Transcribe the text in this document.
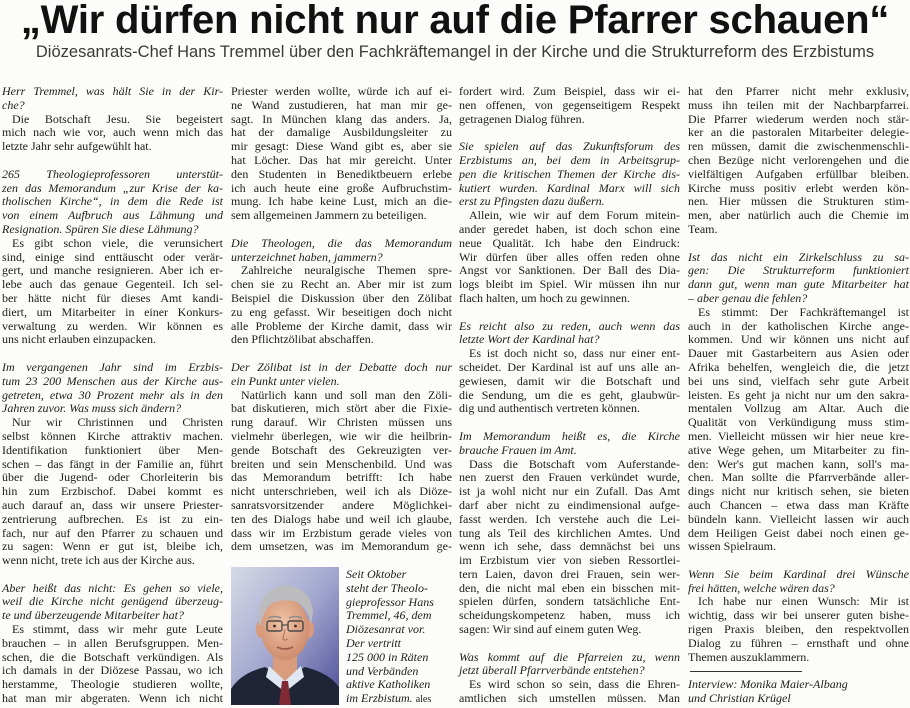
„Wir dürfen nicht nur auf die Pfarrer schauen“
Diözesanrats-Chef Hans Tremmel über den Fachkräftemangel in der Kirche und die Strukturreform des Erzbistums
Herr Tremmel, was hält Sie in der Kir-
che?
Die Botschaft Jesu. Sie begeistert
mich nach wie vor, auch wenn mich das
letzte Jahr sehr aufgewühlt hat.
265 Theologieprofessoren unterstüt-
zen das Memorandum „zur Krise der ka-
tholischen Kirche“, in dem die Rede ist
von einem Aufbruch aus Lähmung und
Resignation. Spüren Sie diese Lähmung?
Es gibt schon viele, die verunsichert
sind, einige sind enttäuscht oder verär-
gert, und manche resignieren. Aber ich er-
lebe auch das genaue Gegenteil. Ich sel-
ber hätte nicht für dieses Amt kandi-
diert, um Mitarbeiter in einer Konkurs-
verwaltung zu werden. Wir können es
uns nicht erlauben einzupacken.
Im vergangenen Jahr sind im Erzbis-
tum 23 200 Menschen aus der Kirche aus-
getreten, etwa 30 Prozent mehr als in den
Jahren zuvor. Was muss sich ändern?
Nur wir Christinnen und Christen
selbst können Kirche attraktiv machen.
Identifikation funktioniert über Men-
schen – das fängt in der Familie an, führt
über die Jugend- oder Chorleiterin bis
hin zum Erzbischof. Dabei kommt es
auch darauf an, dass wir unsere Priester-
zentrierung aufbrechen. Es ist zu ein-
fach, nur auf den Pfarrer zu schauen und
zu sagen: Wenn er gut ist, bleibe ich,
wenn nicht, trete ich aus der Kirche aus.
Aber heißt das nicht: Es gehen so viele,
weil die Kirche nicht genügend überzeug-
te und überzeugende Mitarbeiter hat?
Es stimmt, dass wir mehr gute Leute
brauchen – in allen Berufsgruppen. Men-
schen, die die Botschaft verkündigen. Als
ich damals in der Diözese Passau, wo ich
herstamme, Theologie studieren wollte,
hat man mir abgeraten. Wenn ich nicht
Priester werden wollte, würde ich auf ei-
ne Wand zustudieren, hat man mir ge-
sagt. In München klang das anders. Ja,
hat der damalige Ausbildungsleiter zu
mir gesagt: Diese Wand gibt es, aber sie
hat Löcher. Das hat mir gereicht. Unter
den Studenten in Benediktbeuern erlebe
ich auch heute eine große Aufbruchstim-
mung. Ich habe keine Lust, mich an die-
sem allgemeinen Jammern zu beteiligen.
Die Theologen, die das Memorandum
unterzeichnet haben, jammern?
Zahlreiche neuralgische Themen spre-
chen sie zu Recht an. Aber mir ist zum
Beispiel die Diskussion über den Zölibat
zu eng gefasst. Wir beseitigen doch nicht
alle Probleme der Kirche damit, dass wir
den Pflichtzölibat abschaffen.
Der Zölibat ist in der Debatte doch nur
ein Punkt unter vielen.
Natürlich kann und soll man den Zöli-
bat diskutieren, mich stört aber die Fixie-
rung darauf. Wir Christen müssen uns
vielmehr überlegen, wie wir die heilbrin-
gende Botschaft des Gekreuzigten ver-
breiten und sein Menschenbild. Und was
das Memorandum betrifft: Ich habe
nicht unterschrieben, weil ich als Diöze-
sanratsvorsitzender andere Möglichkei-
ten des Dialogs habe und weil ich glaube,
dass wir im Erzbistum gerade vieles von
dem umsetzen, was im Memorandum ge-
Seit Oktober
steht der Theolo-
gieprofessor Hans
Tremmel, 46, dem
Diözesanrat vor.
Der vertritt
125 000 in Räten
und Verbänden
aktive Katholiken
im Erzbistum. ales
fordert wird. Zum Beispiel, dass wir ei-
nen offenen, von gegenseitigem Respekt
getragenen Dialog führen.
Sie spielen auf das Zukunftsforum des
Erzbistums an, bei dem in Arbeitsgrup-
pen die kritischen Themen der Kirche dis-
kutiert wurden. Kardinal Marx will sich
erst zu Pfingsten dazu äußern.
Allein, wie wir auf dem Forum mitein-
ander geredet haben, ist doch schon eine
neue Qualität. Ich habe den Eindruck:
Wir dürfen über alles offen reden ohne
Angst vor Sanktionen. Der Ball des Dia-
logs bleibt im Spiel. Wir müssen ihn nur
flach halten, um hoch zu gewinnen.
Es reicht also zu reden, auch wenn das
letzte Wort der Kardinal hat?
Es ist doch nicht so, dass nur einer ent-
scheidet. Der Kardinal ist auf uns alle an-
gewiesen, damit wir die Botschaft und
die Sendung, um die es geht, glaubwür-
dig und authentisch vertreten können.
Im Memorandum heißt es, die Kirche
brauche Frauen im Amt.
Dass die Botschaft vom Auferstande-
nen zuerst den Frauen verkündet wurde,
ist ja wohl nicht nur ein Zufall. Das Amt
darf aber nicht zu eindimensional aufge-
fasst werden. Ich verstehe auch die Lei-
tung als Teil des kirchlichen Amtes. Und
wenn ich sehe, dass demnächst bei uns
im Erzbistum vier von sieben Ressortlei-
tern Laien, davon drei Frauen, sein wer-
den, die nicht mal eben ein bisschen mit-
spielen dürfen, sondern tatsächliche Ent-
scheidungskompetenz haben, muss ich
sagen: Wir sind auf einem guten Weg.
Was kommt auf die Pfarreien zu, wenn
jetzt überall Pfarrverbände entstehen?
Es wird schon so sein, dass die Ehren-
amtlichen sich umstellen müssen. Man
hat den Pfarrer nicht mehr exklusiv,
muss ihn teilen mit der Nachbarpfarrei.
Die Pfarrer wiederum werden noch stär-
ker an die pastoralen Mitarbeiter delegie-
ren müssen, damit die zwischenmenschli-
chen Bezüge nicht verlorengehen und die
vielfältigen Aufgaben erfüllbar bleiben.
Kirche muss positiv erlebt werden kön-
nen. Hier müssen die Strukturen stim-
men, aber natürlich auch die Chemie im
Team.
Ist das nicht ein Zirkelschluss zu sa-
gen: Die Strukturreform funktioniert
dann gut, wenn man gute Mitarbeiter hat
– aber genau die fehlen?
Es stimmt: Der Fachkräftemangel ist
auch in der katholischen Kirche ange-
kommen. Und wir können uns nicht auf
Dauer mit Gastarbeitern aus Asien oder
Afrika behelfen, wengleich die, die jetzt
bei uns sind, vielfach sehr gute Arbeit
leisten. Es geht ja nicht nur um den sakra-
mentalen Vollzug am Altar. Auch die
Qualität von Verkündigung muss stim-
men. Vielleicht müssen wir hier neue kre-
ative Wege gehen, um Mitarbeiter zu fin-
den: Wer's gut machen kann, soll's ma-
chen. Man sollte die Pfarrverbände aller-
dings nicht nur kritisch sehen, sie bieten
auch Chancen – etwa dass man Kräfte
bündeln kann. Vielleicht lassen wir auch
dem Heiligen Geist dabei noch einen ge-
wissen Spielraum.
Wenn Sie beim Kardinal drei Wünsche
frei hätten, welche wären das?
Ich habe nur einen Wunsch: Mir ist
wichtig, dass wir bei unserer guten bishe-
rigen Praxis bleiben, den respektvollen
Dialog zu führen – ernsthaft und ohne
Themen auszuklammern.
Interview: Monika Maier-Albang
und Christian Krügel
